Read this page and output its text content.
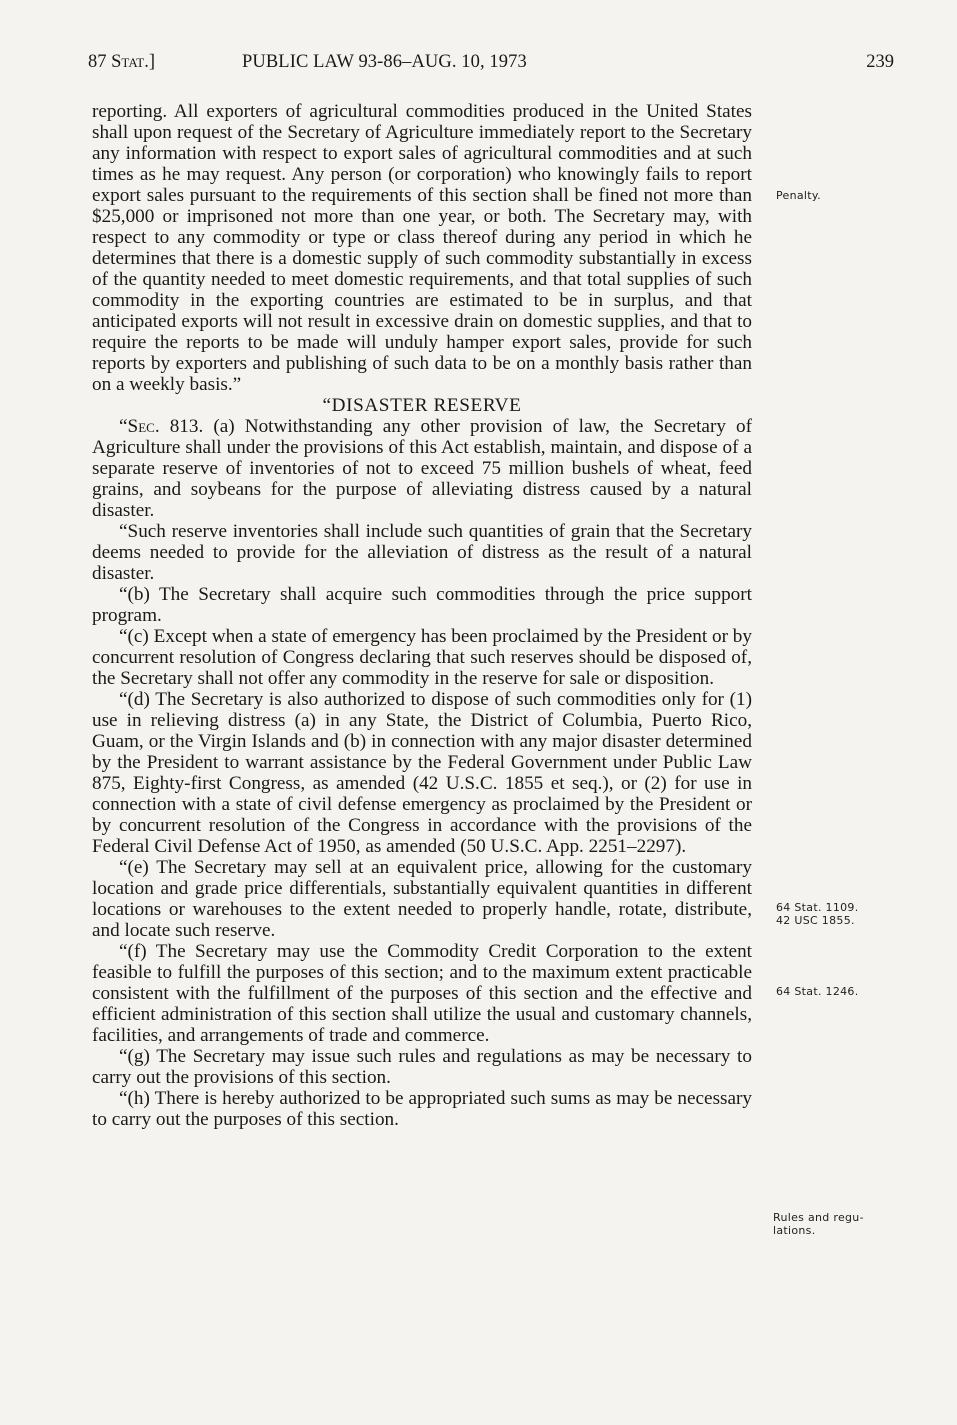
87 Stat.]	PUBLIC LAW 93-86–AUG. 10, 1973	239

reporting. All exporters of agricultural commodities produced in the United States shall upon request of the Secretary of Agriculture immediately report to the Secretary any information with respect to export sales of agricultural commodities and at such times as he may request. Any person (or corporation) who knowingly fails to report export sales pursuant to the requirements of this section shall be fined not more than $25,000 or imprisoned not more than one year, or both. The Secretary may, with respect to any commodity or type or class thereof during any period in which he determines that there is a domestic supply of such commodity substantially in excess of the quantity needed to meet domestic requirements, and that total supplies of such commodity in the exporting countries are estimated to be in surplus, and that anticipated exports will not result in excessive drain on domestic supplies, and that to require the reports to be made will unduly hamper export sales, provide for such reports by exporters and publishing of such data to be on a monthly basis rather than on a weekly basis.”

“DISASTER RESERVE

“Sec. 813. (a) Notwithstanding any other provision of law, the Secretary of Agriculture shall under the provisions of this Act establish, maintain, and dispose of a separate reserve of inventories of not to exceed 75 million bushels of wheat, feed grains, and soybeans for the purpose of alleviating distress caused by a natural disaster.

“Such reserve inventories shall include such quantities of grain that the Secretary deems needed to provide for the alleviation of distress as the result of a natural disaster.

“(b) The Secretary shall acquire such commodities through the price support program.

“(c) Except when a state of emergency has been proclaimed by the President or by concurrent resolution of Congress declaring that such reserves should be disposed of, the Secretary shall not offer any commodity in the reserve for sale or disposition.

“(d) The Secretary is also authorized to dispose of such commodities only for (1) use in relieving distress (a) in any State, the District of Columbia, Puerto Rico, Guam, or the Virgin Islands and (b) in connection with any major disaster determined by the President to warrant assistance by the Federal Government under Public Law 875, Eighty-first Congress, as amended (42 U.S.C. 1855 et seq.), or (2) for use in connection with a state of civil defense emergency as proclaimed by the President or by concurrent resolution of the Congress in accordance with the provisions of the Federal Civil Defense Act of 1950, as amended (50 U.S.C. App. 2251–2297).

“(e) The Secretary may sell at an equivalent price, allowing for the customary location and grade price differentials, substantially equivalent quantities in different locations or warehouses to the extent needed to properly handle, rotate, distribute, and locate such reserve.

“(f) The Secretary may use the Commodity Credit Corporation to the extent feasible to fulfill the purposes of this section; and to the maximum extent practicable consistent with the fulfillment of the purposes of this section and the effective and efficient administration of this section shall utilize the usual and customary channels, facilities, and arrangements of trade and commerce.

“(g) The Secretary may issue such rules and regulations as may be necessary to carry out the provisions of this section.

“(h) There is hereby authorized to be appropriated such sums as may be necessary to carry out the purposes of this section.

Penalty.
64 Stat. 1109.
42 USC 1855.
64 Stat. 1246.
Rules and regu-
lations.
